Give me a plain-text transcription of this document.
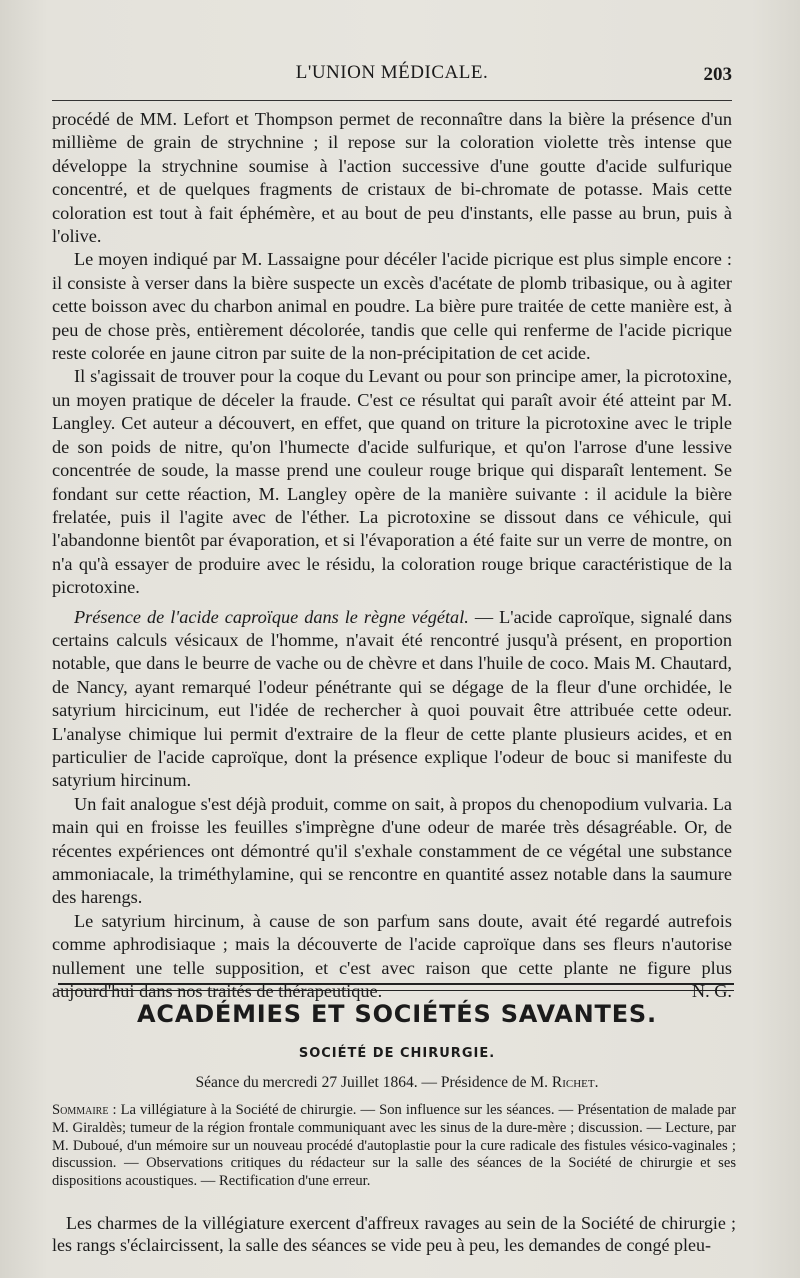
L'UNION MÉDICALE.	203

procédé de MM. Lefort et Thompson permet de reconnaître dans la bière la présence d'un millième de grain de strychnine ; il repose sur la coloration violette très intense que développe la strychnine soumise à l'action successive d'une goutte d'acide sulfurique concentré, et de quelques fragments de cristaux de bi-chromate de potasse. Mais cette coloration est tout à fait éphémère, et au bout de peu d'instants, elle passe au brun, puis à l'olive.

Le moyen indiqué par M. Lassaigne pour décéler l'acide picrique est plus simple encore : il consiste à verser dans la bière suspecte un excès d'acétate de plomb tribasique, ou à agiter cette boisson avec du charbon animal en poudre. La bière pure traitée de cette manière est, à peu de chose près, entièrement décolorée, tandis que celle qui renferme de l'acide picrique reste colorée en jaune citron par suite de la non-précipitation de cet acide.

Il s'agissait de trouver pour la coque du Levant ou pour son principe amer, la picrotoxine, un moyen pratique de déceler la fraude. C'est ce résultat qui paraît avoir été atteint par M. Langley. Cet auteur a découvert, en effet, que quand on triture la picrotoxine avec le triple de son poids de nitre, qu'on l'humecte d'acide sulfurique, et qu'on l'arrose d'une lessive concentrée de soude, la masse prend une couleur rouge brique qui disparaît lentement. Se fondant sur cette réaction, M. Langley opère de la manière suivante : il acidule la bière frelatée, puis il l'agite avec de l'éther. La picrotoxine se dissout dans ce véhicule, qui l'abandonne bientôt par évaporation, et si l'évaporation a été faite sur un verre de montre, on n'a qu'à essayer de produire avec le résidu, la coloration rouge brique caractéristique de la picrotoxine.

Présence de l'acide caproïque dans le règne végétal. — L'acide caproïque, signalé dans certains calculs vésicaux de l'homme, n'avait été rencontré jusqu'à présent, en proportion notable, que dans le beurre de vache ou de chèvre et dans l'huile de coco. Mais M. Chautard, de Nancy, ayant remarqué l'odeur pénétrante qui se dégage de la fleur d'une orchidée, le satyrium hircicinum, eut l'idée de rechercher à quoi pouvait être attribuée cette odeur. L'analyse chimique lui permit d'extraire de la fleur de cette plante plusieurs acides, et en particulier de l'acide caproïque, dont la présence explique l'odeur de bouc si manifeste du satyrium hircinum.

Un fait analogue s'est déjà produit, comme on sait, à propos du chenopodium vulvaria. La main qui en froisse les feuilles s'imprègne d'une odeur de marée très désagréable. Or, de récentes expériences ont démontré qu'il s'exhale constamment de ce végétal une substance ammoniacale, la triméthylamine, qui se rencontre en quantité assez notable dans la saumure des harengs.

Le satyrium hircinum, à cause de son parfum sans doute, avait été regardé autrefois comme aphrodisiaque ; mais la découverte de l'acide caproïque dans ses fleurs n'autorise nullement une telle supposition, et c'est avec raison que cette plante ne figure plus aujourd'hui dans nos traités de thérapeutique.	N. G.

ACADÉMIES ET SOCIÉTÉS SAVANTES.
SOCIÉTÉ DE CHIRURGIE.
Séance du mercredi 27 Juillet 1864. — Présidence de M. Richet.
Sommaire : La villégiature à la Société de chirurgie. — Son influence sur les séances. — Présentation de malade par M. Giraldès; tumeur de la région frontale communiquant avec les sinus de la dure-mère ; discussion. — Lecture, par M. Duboué, d'un mémoire sur un nouveau procédé d'autoplastie pour la cure radicale des fistules vésico-vaginales ; discussion. — Observations critiques du rédacteur sur la salle des séances de la Société de chirurgie et ses dispositions acoustiques. — Rectification d'une erreur.
Les charmes de la villégiature exercent d'affreux ravages au sein de la Société de chirurgie ; les rangs s'éclaircissent, la salle des séances se vide peu à peu, les demandes de congé pleu-
